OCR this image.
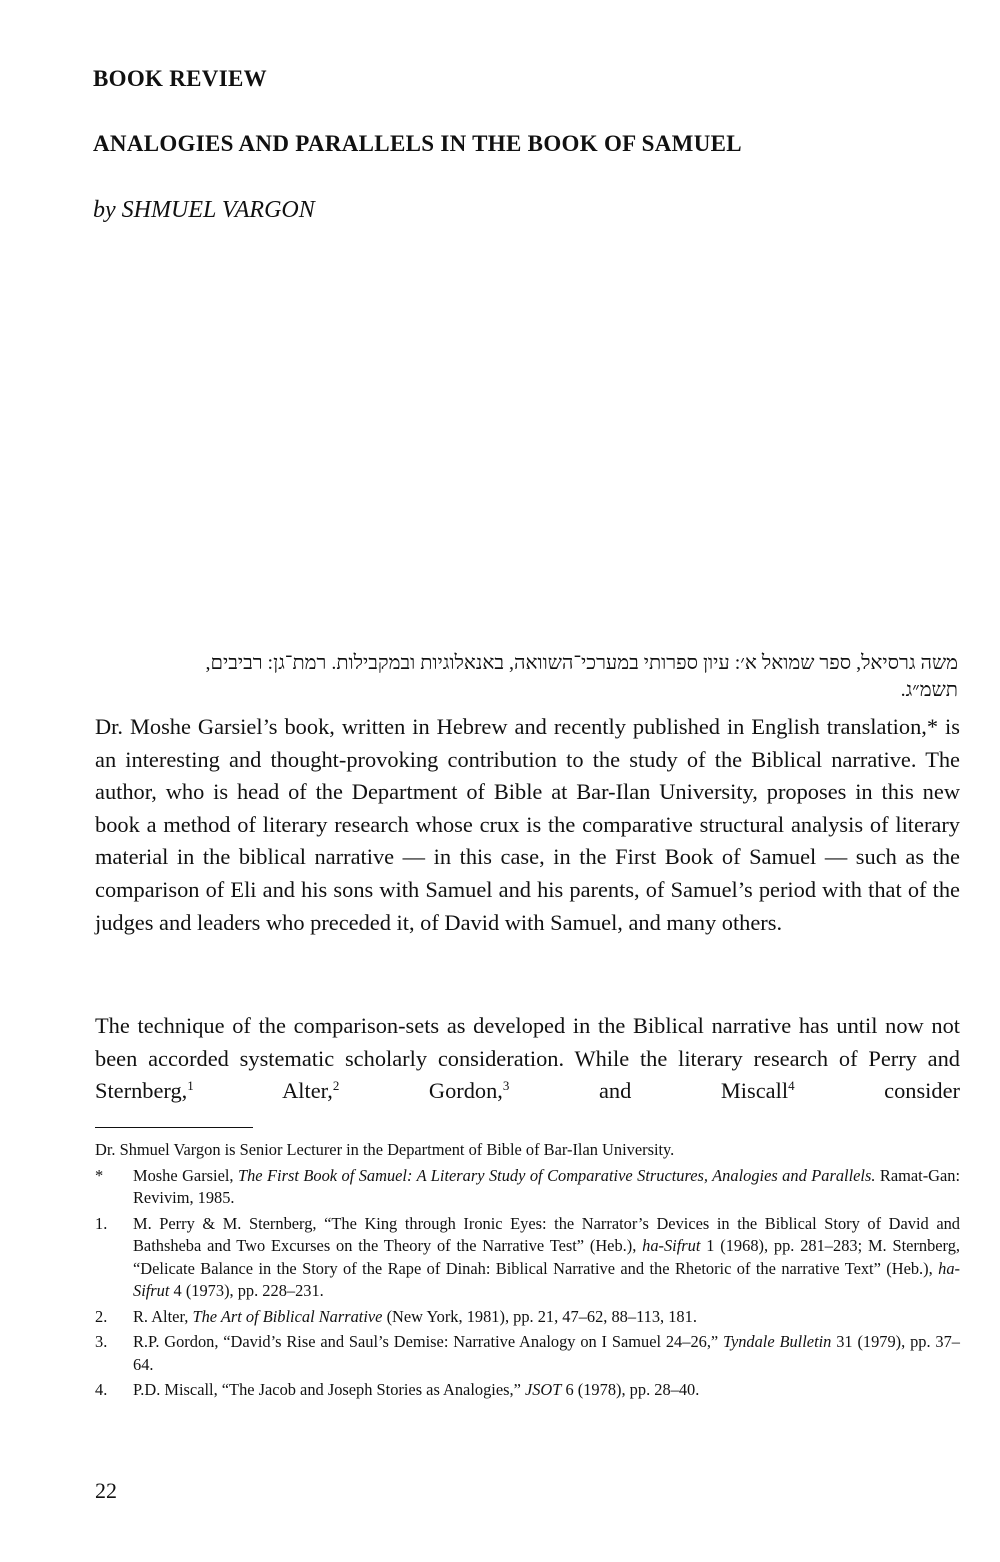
BOOK REVIEW
ANALOGIES AND PARALLELS IN THE BOOK OF SAMUEL
by SHMUEL VARGON
משה גרסיאל, ספר שמואל א׳: עיון ספרותי במערכי־השוואה, באנאלוגיות ובמקבילות. רמת־גן: רביבים,
תשמ״ג.
Dr. Moshe Garsiel’s book, written in Hebrew and recently published in English translation,* is an interesting and thought-provoking contribution to the study of the Biblical narrative. The author, who is head of the Department of Bible at Bar-Ilan University, proposes in this new book a method of literary research whose crux is the comparative structural analysis of literary material in the biblical narrative — in this case, in the First Book of Samuel — such as the comparison of Eli and his sons with Samuel and his parents, of Samuel’s period with that of the judges and leaders who preceded it, of David with Samuel, and many others.
The technique of the comparison-sets as developed in the Biblical narrative has until now not been accorded systematic scholarly consideration. While the literary research of Perry and Sternberg,$^1$ Alter,$^2$ Gordon,$^3$ and Miscall$^4$ consider
Dr. Shmuel Vargon is Senior Lecturer in the Department of Bible of Bar-Ilan University.
* Moshe Garsiel, The First Book of Samuel: A Literary Study of Comparative Structures, Analogies and Parallels. Ramat-Gan: Revivim, 1985.
1. M. Perry & M. Sternberg, “The King through Ironic Eyes: the Narrator’s Devices in the Biblical Story of David and Bathsheba and Two Excurses on the Theory of the Narrative Test” (Heb.), ha-Sifrut 1 (1968), pp. 281–283; M. Sternberg, “Delicate Balance in the Story of the Rape of Dinah: Biblical Narrative and the Rhetoric of the narrative Text” (Heb.), ha-Sifrut 4 (1973), pp. 228–231.
2. R. Alter, The Art of Biblical Narrative (New York, 1981), pp. 21, 47–62, 88–113, 181.
3. R.P. Gordon, “David’s Rise and Saul’s Demise: Narrative Analogy on I Samuel 24–26,” Tyndale Bulletin 31 (1979), pp. 37–64.
4. P.D. Miscall, “The Jacob and Joseph Stories as Analogies,” JSOT 6 (1978), pp. 28–40.
22
